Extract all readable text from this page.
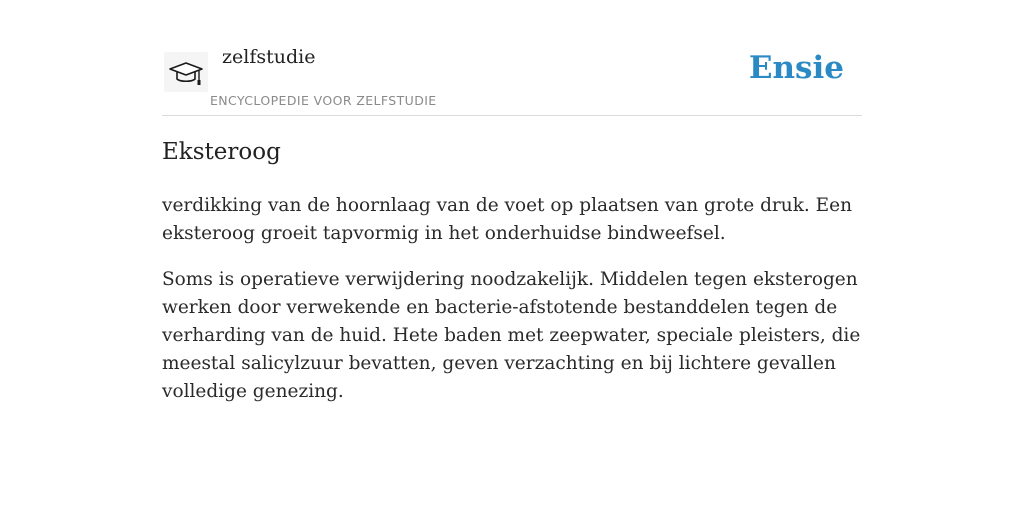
zelfstudie
ENCYCLOPEDIE VOOR ZELFSTUDIE
Ensie
Eksteroog

verdikking van de hoornlaag van de voet op plaatsen van grote druk. Een eksteroog groeit tapvormig in het onderhuidse bindweefsel.

Soms is operatieve verwijdering noodzakelijk. Middelen tegen eksterogen werken door verwekende en bacterie-afstotende bestanddelen tegen de verharding van de huid. Hete baden met zeepwater, speciale pleisters, die meestal salicylzuur bevatten, geven verzachting en bij lichtere gevallen volledige genezing.
